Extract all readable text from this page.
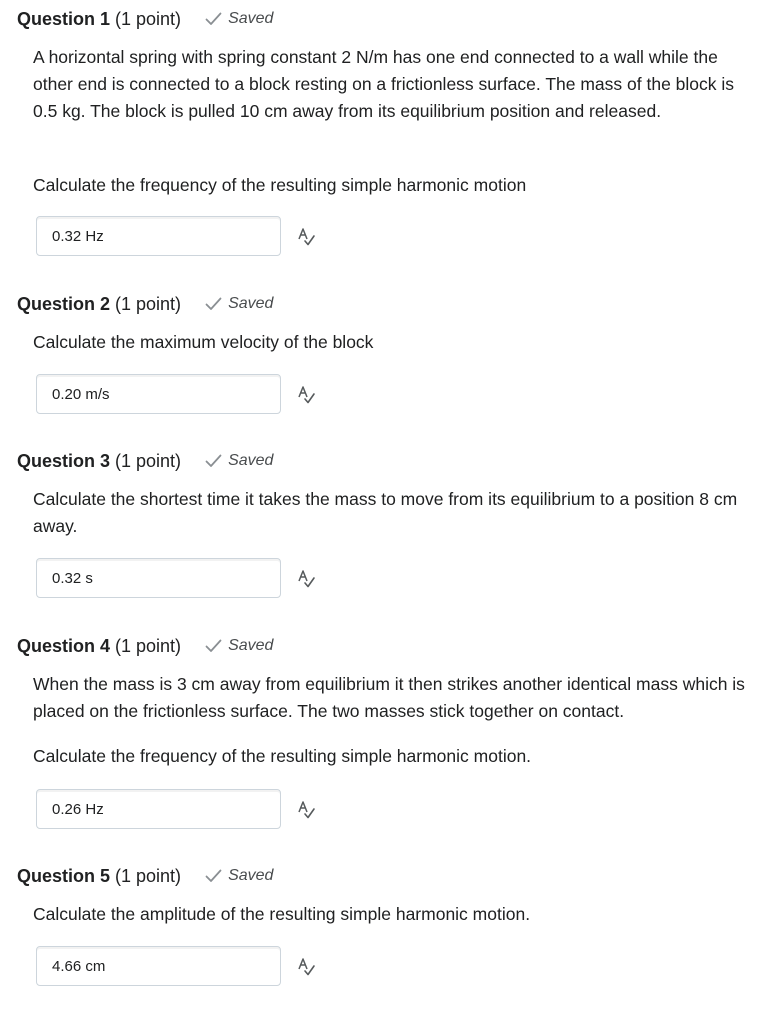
Question 1 (1 point)	Saved

A horizontal spring with spring constant 2 N/m has one end connected to a wall while the other end is connected to a block resting on a frictionless surface. The mass of the block is 0.5 kg. The block is pulled 10 cm away from its equilibrium position and released.

Calculate the frequency of the resulting simple harmonic motion

0.32 Hz
Question 2 (1 point)	Saved

Calculate the maximum velocity of the block

0.20 m/s
Question 3 (1 point)	Saved

Calculate the shortest time it takes the mass to move from its equilibrium to a position 8 cm away.

0.32 s
Question 4 (1 point)	Saved

When the mass is 3 cm away from equilibrium it then strikes another identical mass which is placed on the frictionless surface. The two masses stick together on contact.

Calculate the frequency of the resulting simple harmonic motion.

0.26 Hz
Question 5 (1 point)	Saved

Calculate the amplitude of the resulting simple harmonic motion.

4.66 cm
